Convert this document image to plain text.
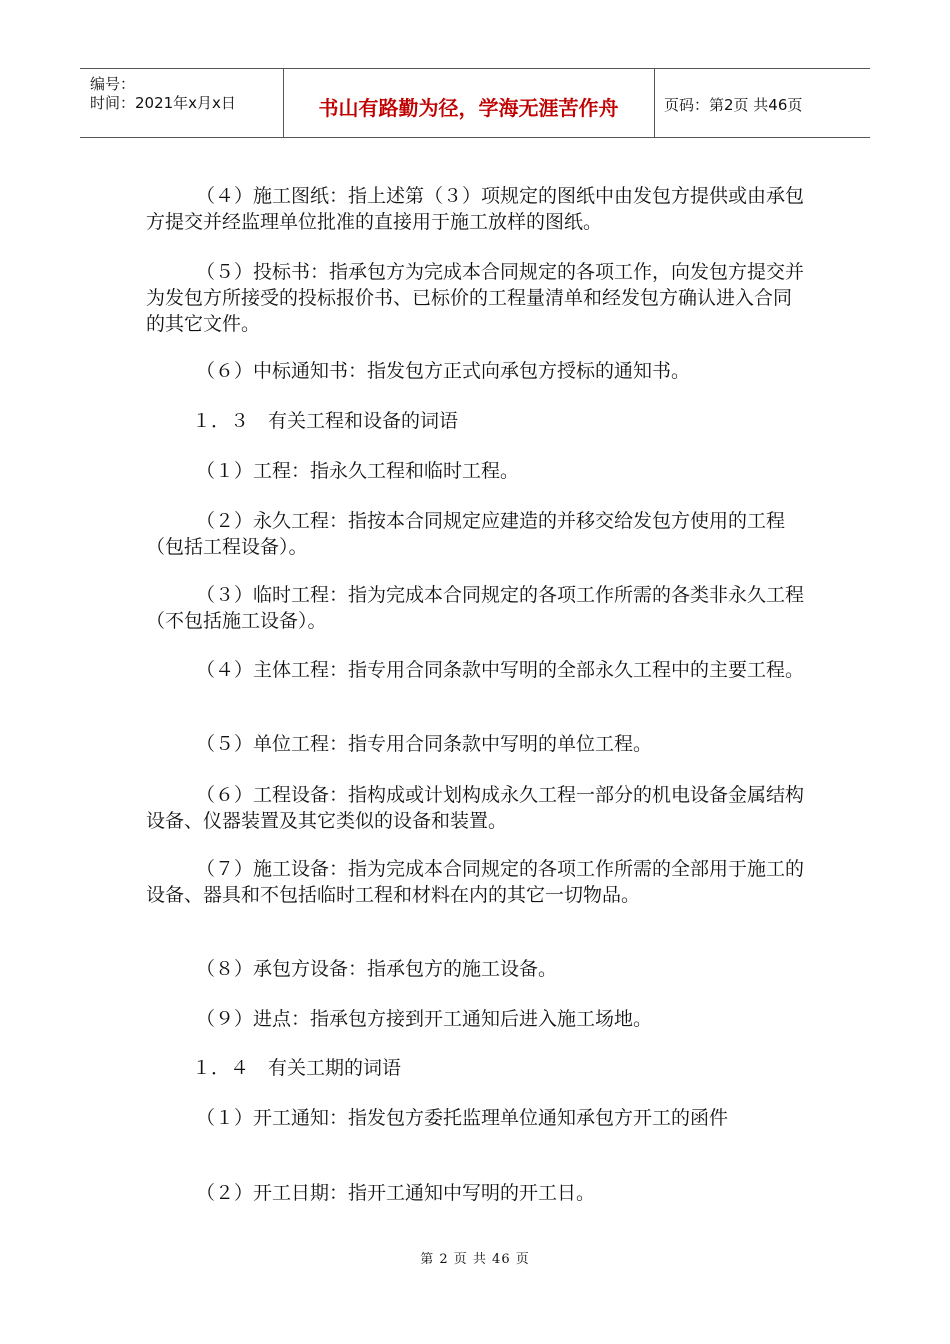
编号：
时间：2021年x月x日	书山有路勤为径，学海无涯苦作舟	页码：第2页 共46页
（４）施工图纸：指上述第（３）项规定的图纸中由发包方提供或由承包方提交并经监理单位批准的直接用于施工放样的图纸。
（５）投标书：指承包方为完成本合同规定的各项工作，向发包方提交并为发包方所接受的投标报价书、已标价的工程量清单和经发包方确认进入合同的其它文件。
（６）中标通知书：指发包方正式向承包方授标的通知书。
１．３　有关工程和设备的词语
（１）工程：指永久工程和临时工程。
（２）永久工程：指按本合同规定应建造的并移交给发包方使用的工程（包括工程设备）。
（３）临时工程：指为完成本合同规定的各项工作所需的各类非永久工程（不包括施工设备）。
（４）主体工程：指专用合同条款中写明的全部永久工程中的主要工程。
（５）单位工程：指专用合同条款中写明的单位工程。
（６）工程设备：指构成或计划构成永久工程一部分的机电设备金属结构设备、仪器装置及其它类似的设备和装置。
（７）施工设备：指为完成本合同规定的各项工作所需的全部用于施工的设备、器具和不包括临时工程和材料在内的其它一切物品。
（８）承包方设备：指承包方的施工设备。
（９）进点：指承包方接到开工通知后进入施工场地。
１．４　有关工期的词语
（１）开工通知：指发包方委托监理单位通知承包方开工的函件
（２）开工日期：指开工通知中写明的开工日。
第 2 页 共 46 页
